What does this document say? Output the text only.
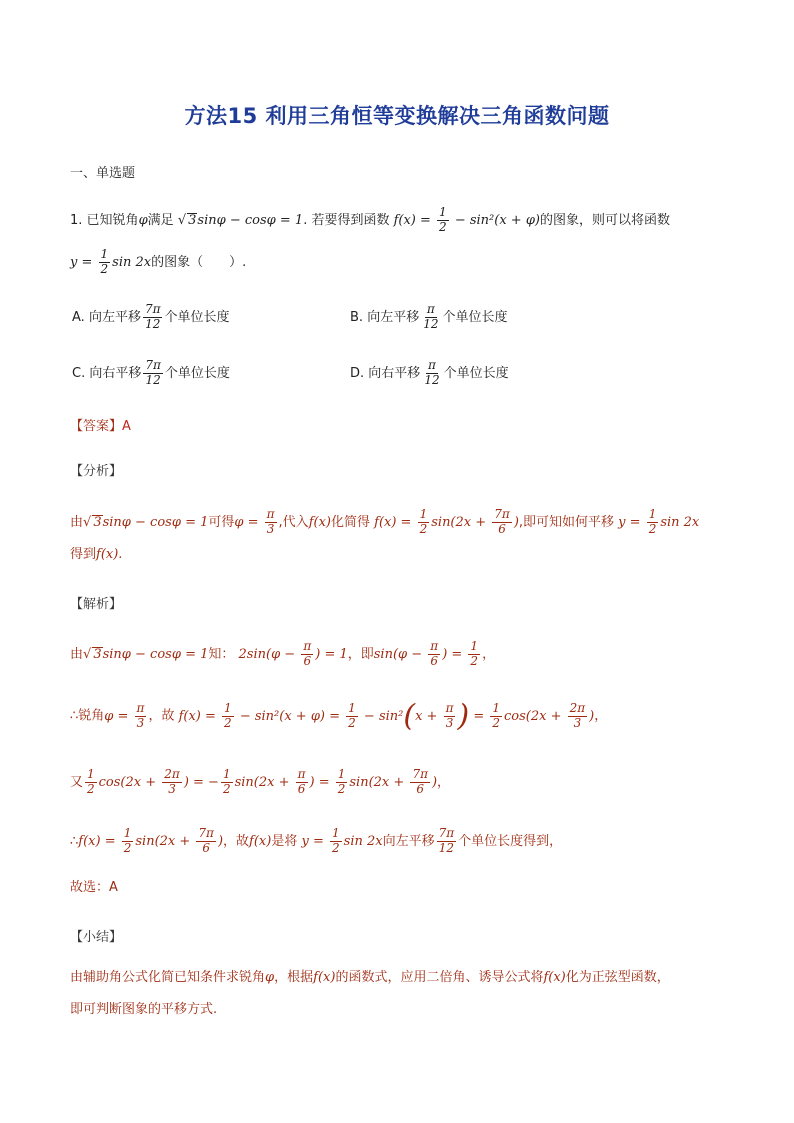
方法15 利用三角恒等变换解决三角函数问题
一、单选题
1. 已知锐角φ满足 √ 3sinφ − cosφ = 1. 若要得到函数 $f(x) = \frac{1}{2} - \sin^2(x + \varphi)$的图象，则可以将函数
$y = \frac{1}{2}$ sin 2x的图象（　　）.
A. 向左平移 $\frac{7\pi}{12}$ 个单位长度	B. 向左平移 $\frac{\pi}{12}$ 个单位长度
C. 向右平移 $\frac{7\pi}{12}$ 个单位长度	D. 向右平移 $\frac{\pi}{12}$ 个单位长度
【答案】A
【分析】
由√ 3sinφ − cosφ = 1可得$\varphi = \frac{\pi}{3}$ ,代入f(x)化简得 $f(x) = \frac{1}{2} \sin(2x + \frac{7\pi}{6}$ ),即可知如何平移 $y = \frac{1}{2}$ sin 2x
得到f(x).
【解析】
由√ 3sinφ − cosφ = 1知： $2\sin(\varphi - \frac{\pi}{6}$ ) = 1，即$\sin(\varphi - \frac{\pi}{6}$ ) = $\frac{1}{2}$ ，
∴锐角$\varphi = \frac{\pi}{3}$ ，故 $f(x) = \frac{1}{2} - \sin^2(x + \varphi) = \frac{1}{2} - \sin^2(x + \frac{\pi}{3}$ ) = $\frac{1}{2} \cos(2x + \frac{2\pi}{3}$ )，
又 $\frac{1}{2} \cos(2x + \frac{2\pi}{3}$ ) = − $\frac{1}{2} \sin(2x + \frac{\pi}{6}$ ) = $\frac{1}{2} \sin(2x + \frac{7\pi}{6}$ )，
∴f(x) = $\frac{1}{2} \sin(2x + \frac{7\pi}{6}$ )，故f(x)是将 $y = \frac{1}{2}$ sin 2x向左平移 $\frac{7\pi}{12}$ 个单位长度得到，
故选：A
【小结】
由辅助角公式化简已知条件求锐角φ，根据f(x)的函数式，应用二倍角、诱导公式将f(x)化为正弦型函数，
即可判断图象的平移方式.
